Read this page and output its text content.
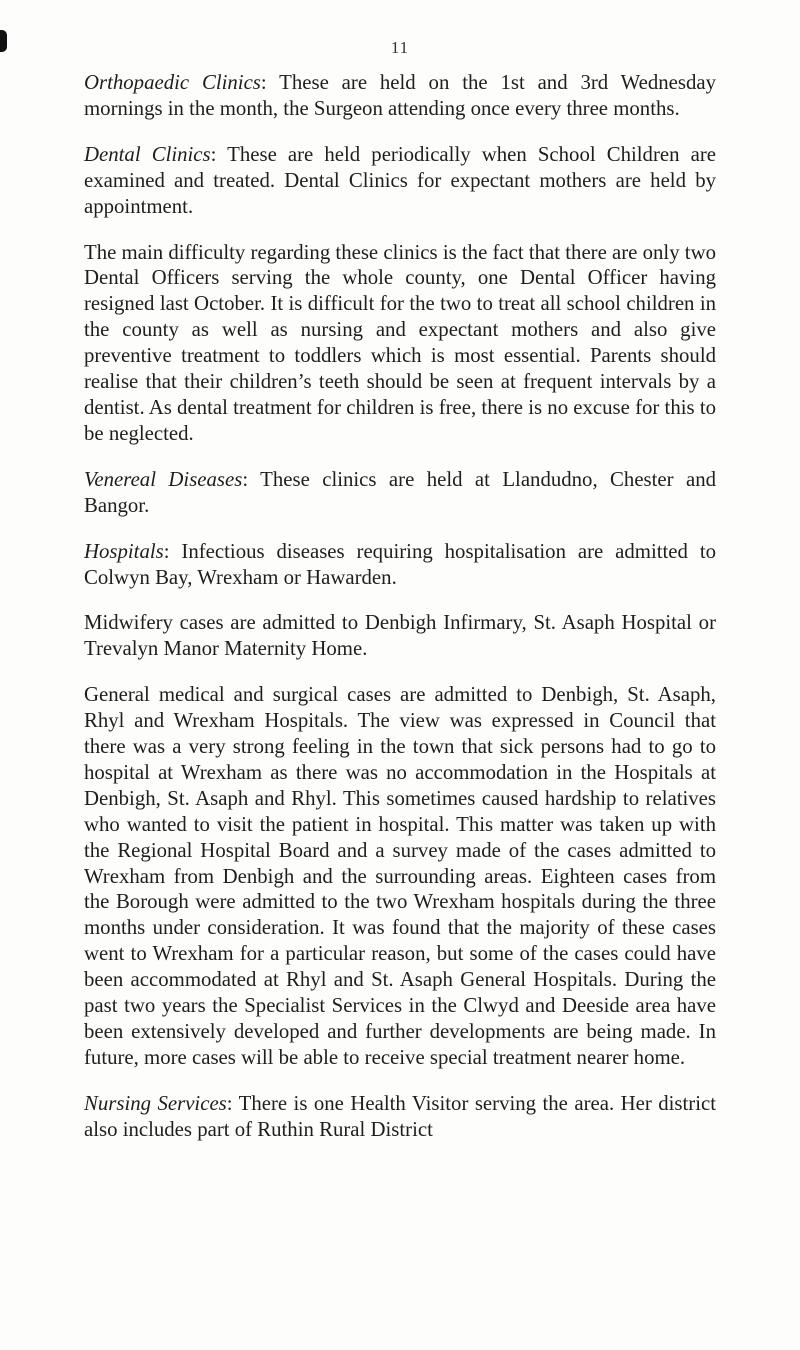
11

Orthopaedic Clinics: These are held on the 1st and 3rd Wednesday mornings in the month, the Surgeon attending once every three months.

Dental Clinics: These are held periodically when School Children are examined and treated. Dental Clinics for expectant mothers are held by appointment.

The main difficulty regarding these clinics is the fact that there are only two Dental Officers serving the whole county, one Dental Officer having resigned last October. It is difficult for the two to treat all school children in the county as well as nursing and expectant mothers and also give preventive treatment to toddlers which is most essential. Parents should realise that their children’s teeth should be seen at frequent intervals by a dentist. As dental treatment for children is free, there is no excuse for this to be neglected.

Venereal Diseases: These clinics are held at Llandudno, Chester and Bangor.

Hospitals: Infectious diseases requiring hospitalisation are admitted to Colwyn Bay, Wrexham or Hawarden.

Midwifery cases are admitted to Denbigh Infirmary, St. Asaph Hospital or Trevalyn Manor Maternity Home.

General medical and surgical cases are admitted to Denbigh, St. Asaph, Rhyl and Wrexham Hospitals. The view was expressed in Council that there was a very strong feeling in the town that sick persons had to go to hospital at Wrexham as there was no accommodation in the Hospitals at Denbigh, St. Asaph and Rhyl. This sometimes caused hardship to relatives who wanted to visit the patient in hospital. This matter was taken up with the Regional Hospital Board and a survey made of the cases admitted to Wrexham from Denbigh and the surrounding areas. Eighteen cases from the Borough were admitted to the two Wrexham hospitals during the three months under consideration. It was found that the majority of these cases went to Wrexham for a particular reason, but some of the cases could have been accommodated at Rhyl and St. Asaph General Hospitals. During the past two years the Specialist Services in the Clwyd and Deeside area have been extensively developed and further developments are being made. In future, more cases will be able to receive special treatment nearer home.

Nursing Services: There is one Health Visitor serving the area. Her district also includes part of Ruthin Rural District
